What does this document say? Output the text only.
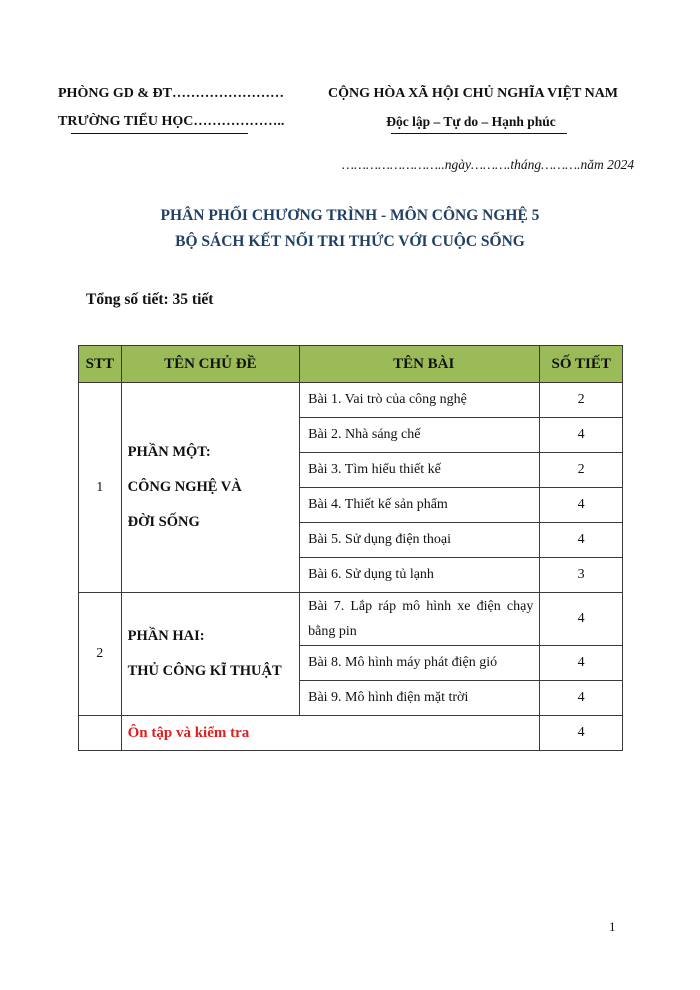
PHÒNG GD & ĐT……………………
TRƯỜNG TIỂU HỌC………………..
CỘNG HÒA XÃ HỘI CHỦ NGHĨA VIỆT NAM
Độc lập – Tự do – Hạnh phúc
……………………..ngày……….tháng……….năm 2024
PHÂN PHỐI CHƯƠNG TRÌNH - MÔN CÔNG NGHỆ 5
BỘ SÁCH KẾT NỐI TRI THỨC VỚI CUỘC SỐNG
Tổng số tiết: 35 tiết
STT	TÊN CHỦ ĐỀ	TÊN BÀI	SỐ TIẾT
1	PHẦN MỘT:
CÔNG NGHỆ VÀ
ĐỜI SỐNG	Bài 1. Vai trò của công nghệ	2
		Bài 2. Nhà sáng chế	4
		Bài 3. Tìm hiểu thiết kế	2
		Bài 4. Thiết kế sản phẩm	4
		Bài 5. Sử dụng điện thoại	4
		Bài 6. Sử dụng tủ lạnh	3
2	PHẦN HAI:
THỦ CÔNG KĨ THUẬT	Bài 7. Lắp ráp mô hình xe điện chạy bằng pin	4
		Bài 8. Mô hình máy phát điện gió	4
		Bài 9. Mô hình điện mặt trời	4
	Ôn tập và kiểm tra		4
1
